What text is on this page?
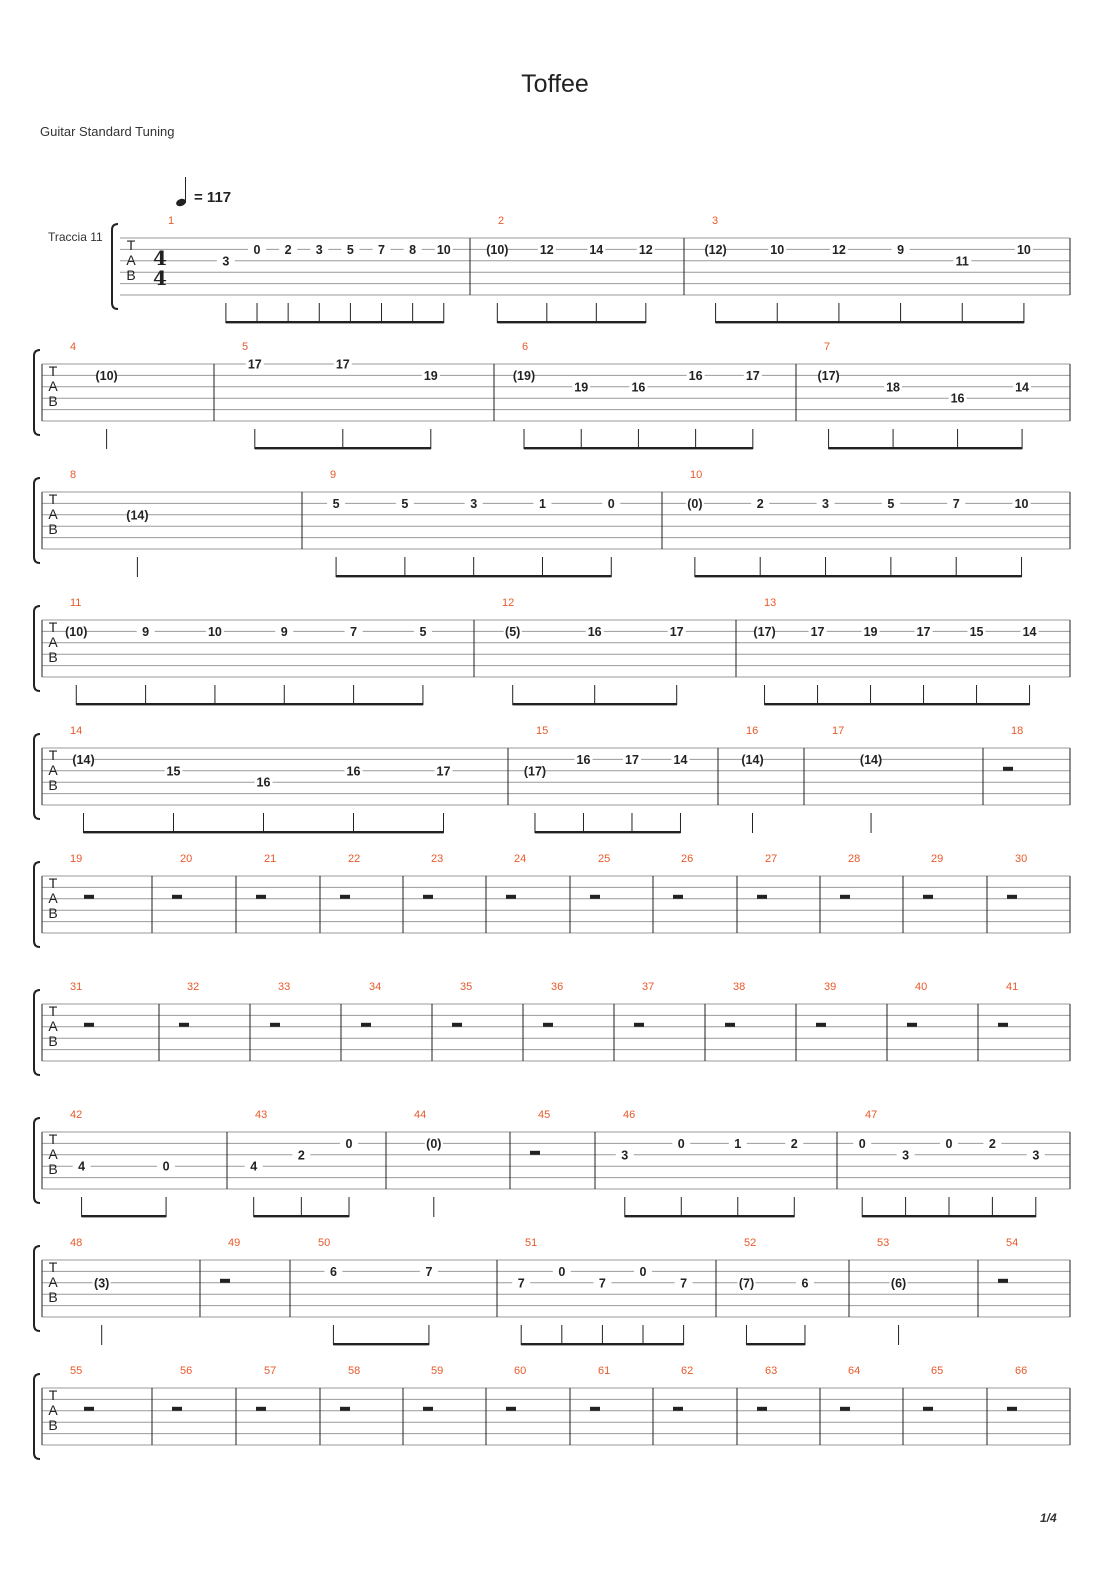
Toffee
Guitar Standard Tuning
= 117
Traccia 11 T
A
B
4
4
1
3
0 2 3 5 7 8 10
2
(10)	12	14	12
3
(12)	10	12	9
11
10
T
A
B
4
(10)
5
17	17
19
6
(19)
19	16
16	17
7
(17)
18
16
14
T
A
B
8
(14)
9
5	5	3	1	0
10
(0)	2	3	5	7	10
T
A
B
11
(10)	9	10	9	7	5
12
(5)	16	17
13
(17)	17	19	17	15	14
T
A
B
14
(14)
15
16
16	17
15
(17)
16	17	14
16
(14)
17
(14)
18
T
A
B
19	20	21	22	23	24	25	26	27	28	29	30
T
A
B
31	32	33	34	35	36	37	38	39	40	41
T
A
B
42
4	0
43
4
2
0
44
(0)
45	46
3
0	1	2
47
0
3
0	2
3
T
A
B
48
(3)
49	50
6	7
51
7
0
7
0
7
52
(7)	6
53
(6)
54
T
A
B
55	56	57	58	59	60	61	62	63	64	65	66
1/4
